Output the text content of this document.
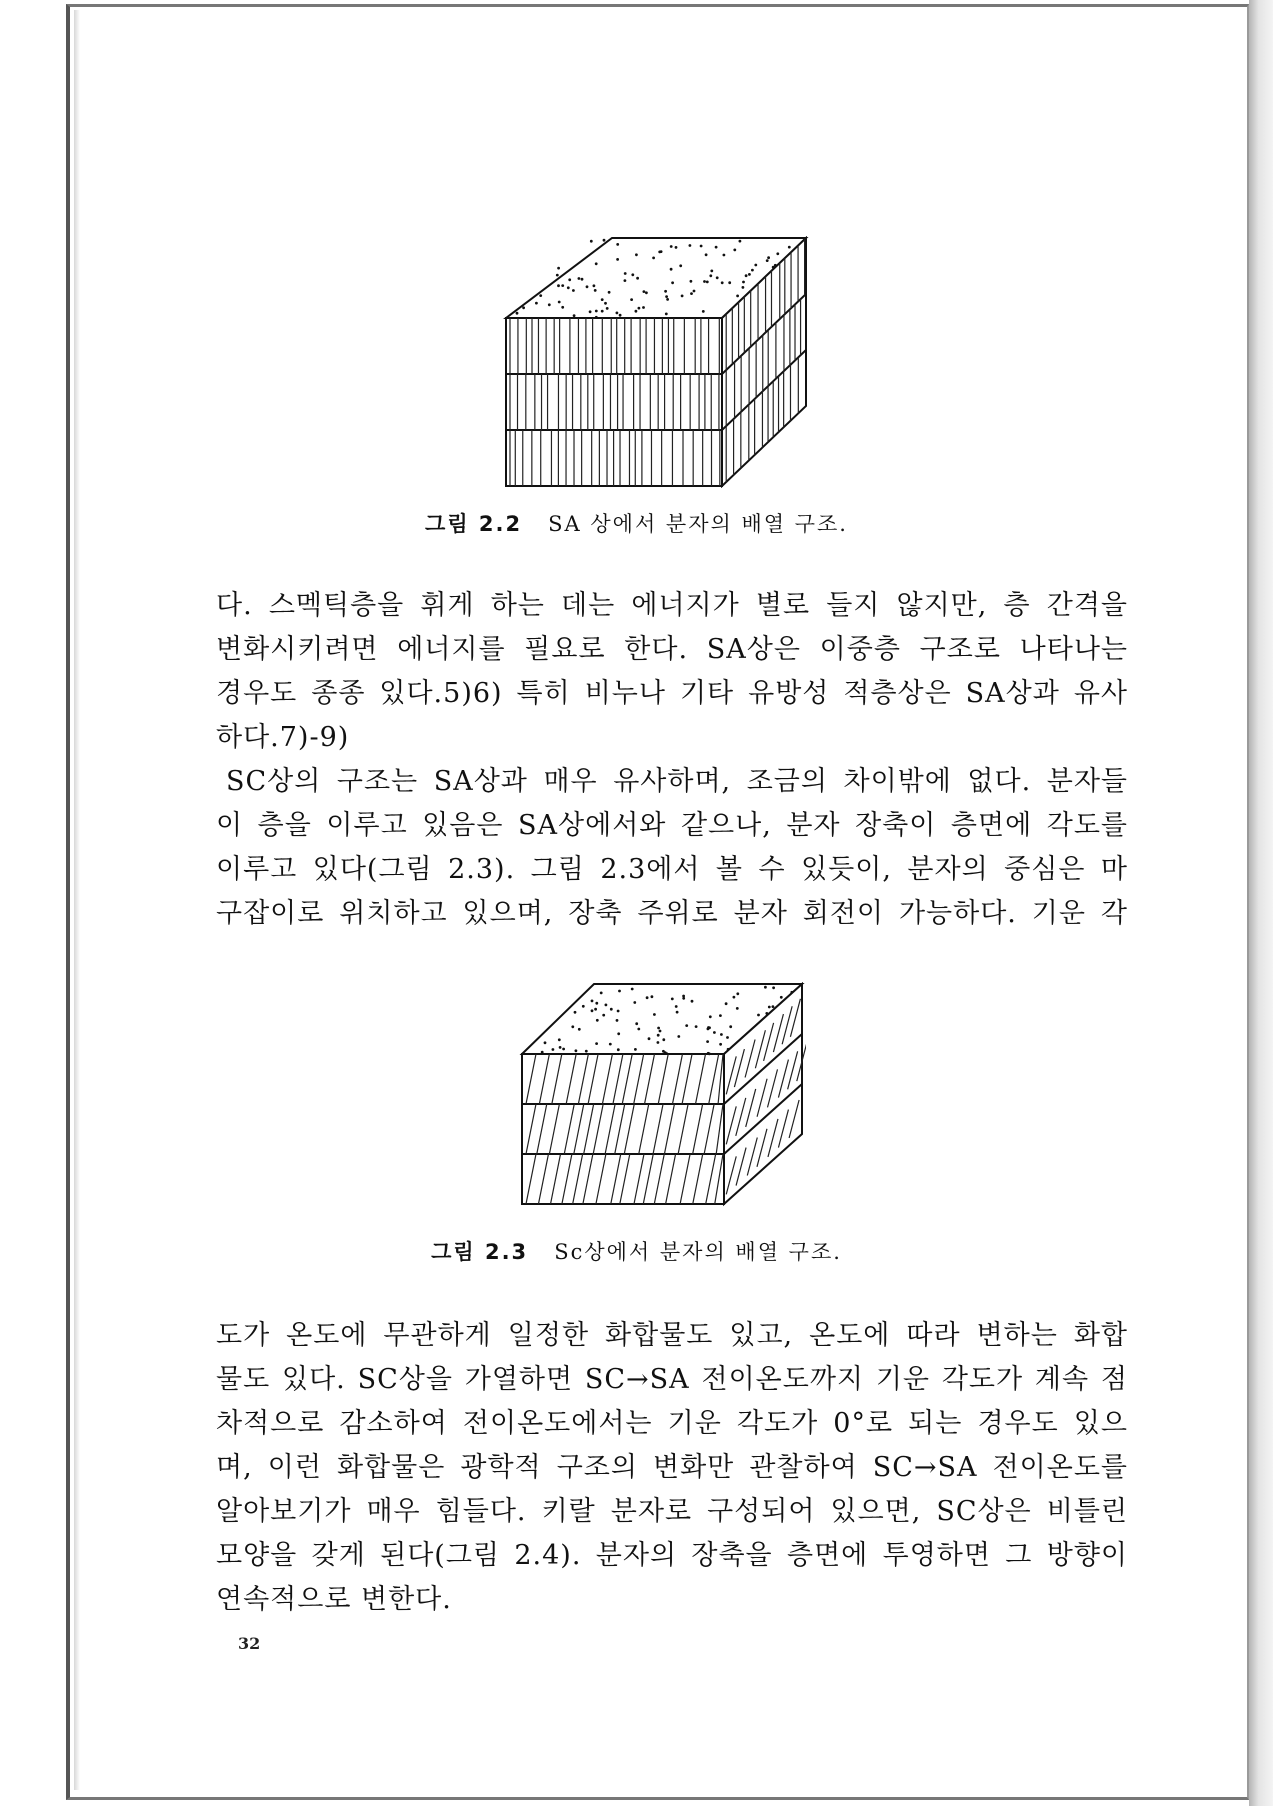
그림 2.2 SA 상에서 분자의 배열 구조.
다. 스멕틱층을 휘게 하는 데는 에너지가 별로 들지 않지만, 층 간격을
변화시키려면 에너지를 필요로 한다. SA상은 이중층 구조로 나타나는
경우도 종종 있다.5)6) 특히 비누나 기타 유방성 적층상은 SA상과 유사
하다.7)-9)
SC상의 구조는 SA상과 매우 유사하며, 조금의 차이밖에 없다. 분자들
이 층을 이루고 있음은 SA상에서와 같으나, 분자 장축이 층면에 각도를
이루고 있다(그림 2.3). 그림 2.3에서 볼 수 있듯이, 분자의 중심은 마
구잡이로 위치하고 있으며, 장축 주위로 분자 회전이 가능하다. 기운 각
그림 2.3 Sc상에서 분자의 배열 구조.
도가 온도에 무관하게 일정한 화합물도 있고, 온도에 따라 변하는 화합
물도 있다. SC상을 가열하면 SC→SA 전이온도까지 기운 각도가 계속 점
차적으로 감소하여 전이온도에서는 기운 각도가 0°로 되는 경우도 있으
며, 이런 화합물은 광학적 구조의 변화만 관찰하여 SC→SA 전이온도를
알아보기가 매우 힘들다. 키랄 분자로 구성되어 있으면, SC상은 비틀린
모양을 갖게 된다(그림 2.4). 분자의 장축을 층면에 투영하면 그 방향이
연속적으로 변한다.
32
